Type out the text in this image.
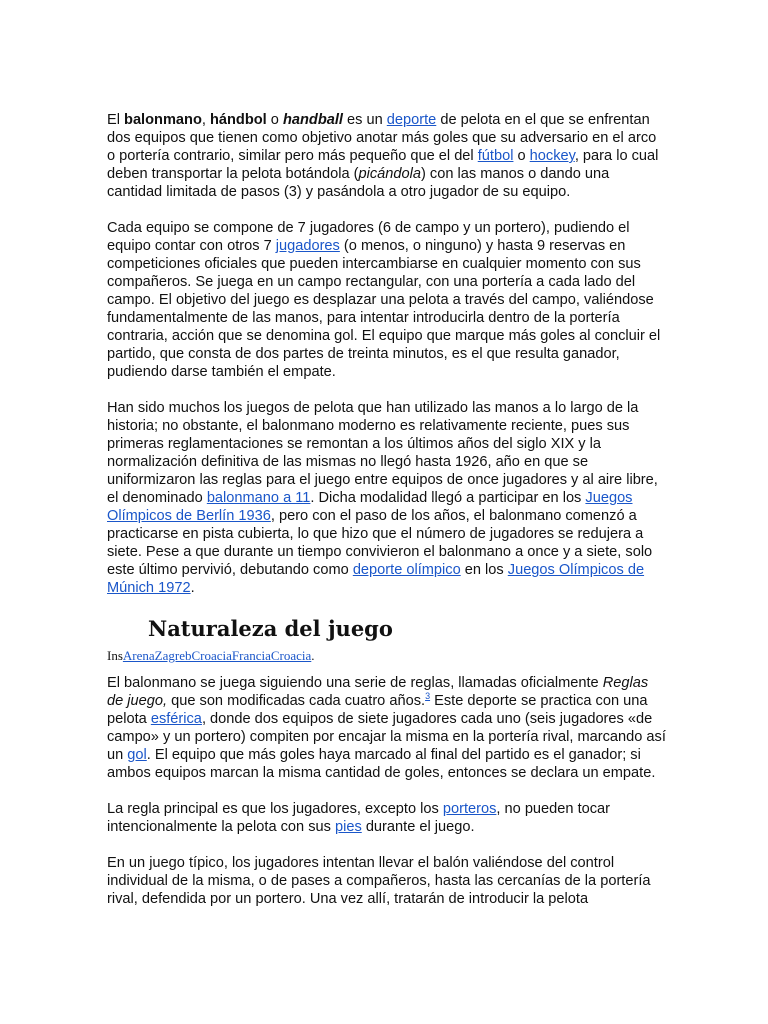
El balonmano, hándbol o handball es un deporte de pelota en el que se enfrentan dos equipos que tienen como objetivo anotar más goles que su adversario en el arco o portería contrario, similar pero más pequeño que el del fútbol o hockey, para lo cual deben transportar la pelota botándola (picándola) con las manos o dando una cantidad limitada de pasos (3) y pasándola a otro jugador de su equipo.

Cada equipo se compone de 7 jugadores (6 de campo y un portero), pudiendo el equipo contar con otros 7 jugadores (o menos, o ninguno) y hasta 9 reservas en competiciones oficiales que pueden intercambiarse en cualquier momento con sus compañeros. Se juega en un campo rectangular, con una portería a cada lado del campo. El objetivo del juego es desplazar una pelota a través del campo, valiéndose fundamentalmente de las manos, para intentar introducirla dentro de la portería contraria, acción que se denomina gol. El equipo que marque más goles al concluir el partido, que consta de dos partes de treinta minutos, es el que resulta ganador, pudiendo darse también el empate.

Han sido muchos los juegos de pelota que han utilizado las manos a lo largo de la historia; no obstante, el balonmano moderno es relativamente reciente, pues sus primeras reglamentaciones se remontan a los últimos años del siglo XIX y la normalización definitiva de las mismas no llegó hasta 1926, año en que se uniformizaron las reglas para el juego entre equipos de once jugadores y al aire libre, el denominado balonmano a 11. Dicha modalidad llegó a participar en los Juegos Olímpicos de Berlín 1936, pero con el paso de los años, el balonmano comenzó a practicarse en pista cubierta, lo que hizo que el número de jugadores se redujera a siete. Pese a que durante un tiempo convivieron el balonmano a once y a siete, solo este último pervivió, debutando como deporte olímpico en los Juegos Olímpicos de Múnich 1972.

Naturaleza del juego
InsArenaZagrebCroaciaFranciaCroacia.

El balonmano se juega siguiendo una serie de reglas, llamadas oficialmente Reglas de juego, que son modificadas cada cuatro años.$^3$ Este deporte se practica con una pelota esférica, donde dos equipos de siete jugadores cada uno (seis jugadores «de campo» y un portero) compiten por encajar la misma en la portería rival, marcando así un gol. El equipo que más goles haya marcado al final del partido es el ganador; si ambos equipos marcan la misma cantidad de goles, entonces se declara un empate.

La regla principal es que los jugadores, excepto los porteros, no pueden tocar intencionalmente la pelota con sus pies durante el juego.

En un juego típico, los jugadores intentan llevar el balón valiéndose del control individual de la misma, o de pases a compañeros, hasta las cercanías de la portería rival, defendida por un portero. Una vez allí, tratarán de introducir la pelota
